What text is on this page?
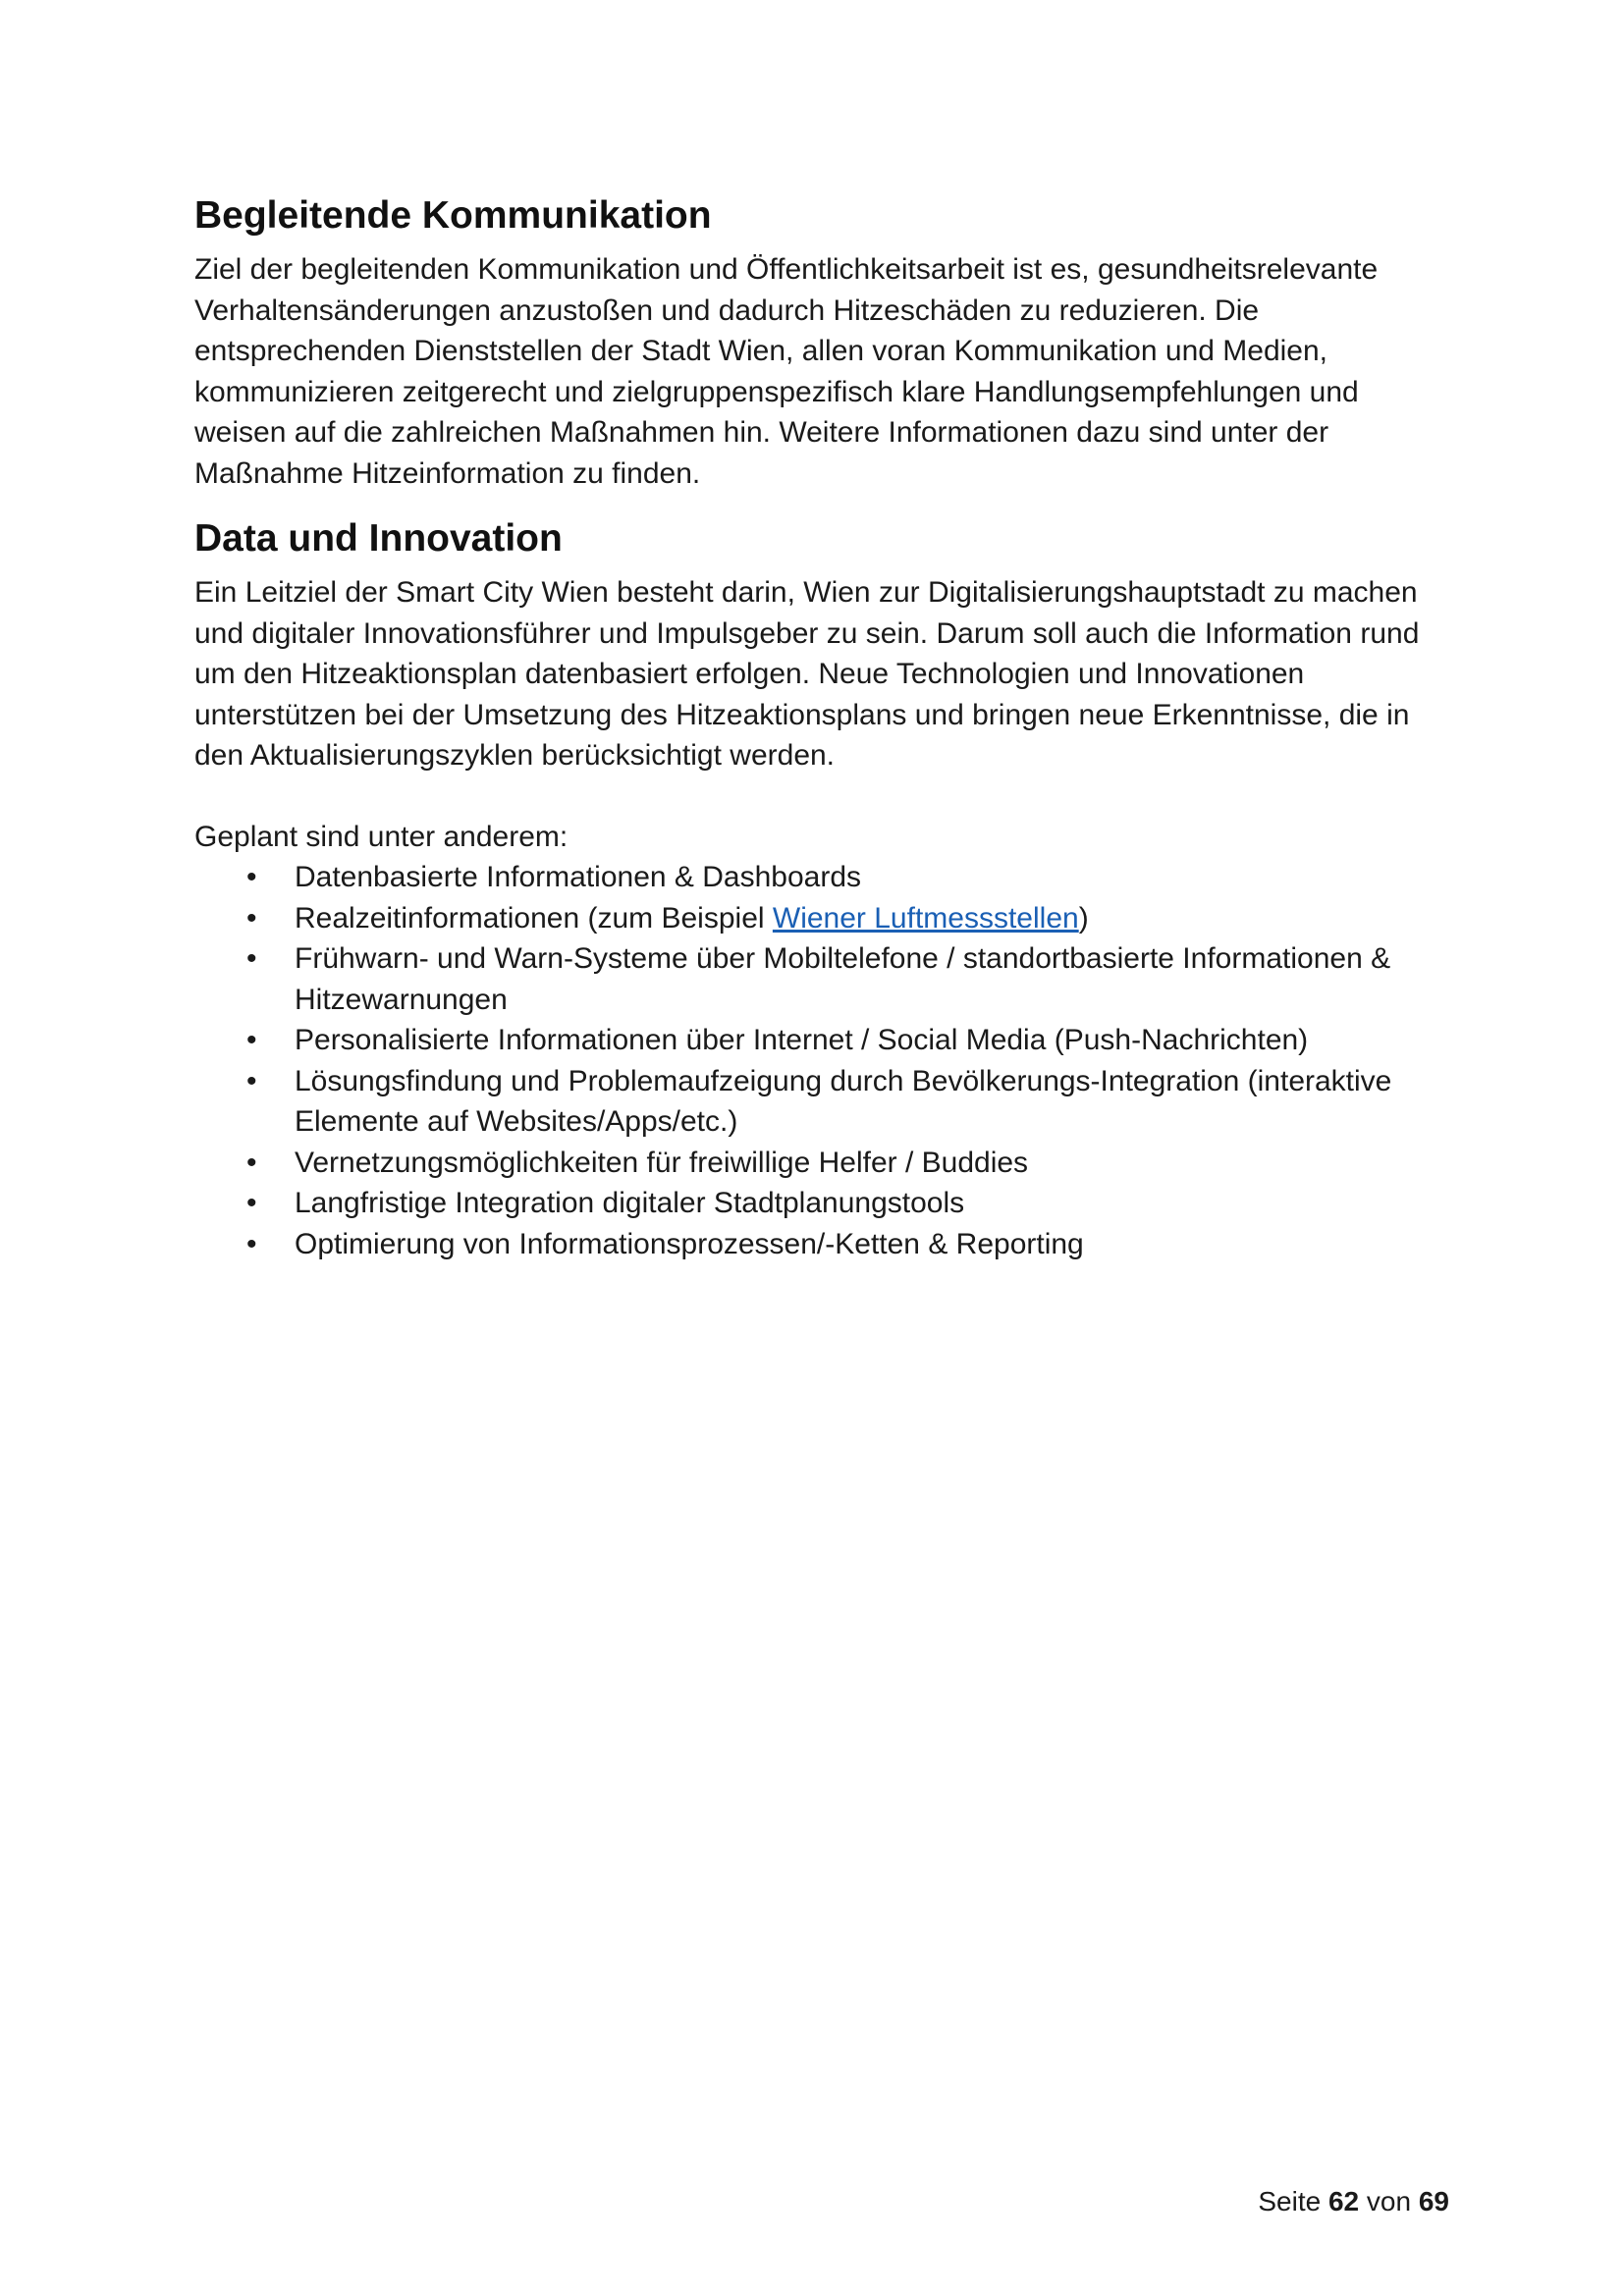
Begleitende Kommunikation

Ziel der begleitenden Kommunikation und Öffentlichkeitsarbeit ist es, gesundheitsrelevante Verhaltensänderungen anzustoßen und dadurch Hitzeschäden zu reduzieren. Die entsprechenden Dienststellen der Stadt Wien, allen voran Kommunikation und Medien, kommunizieren zeitgerecht und zielgruppenspezifisch klare Handlungsempfehlungen und weisen auf die zahlreichen Maßnahmen hin. Weitere Informationen dazu sind unter der Maßnahme Hitzeinformation zu finden.

Data und Innovation

Ein Leitziel der Smart City Wien besteht darin, Wien zur Digitalisierungshauptstadt zu machen und digitaler Innovationsführer und Impulsgeber zu sein. Darum soll auch die Information rund um den Hitzeaktionsplan datenbasiert erfolgen. Neue Technologien und Innovationen unterstützen bei der Umsetzung des Hitzeaktionsplans und bringen neue Erkenntnisse, die in den Aktualisierungszyklen berücksichtigt werden.

Geplant sind unter anderem:

• Datenbasierte Informationen & Dashboards
• Realzeitinformationen (zum Beispiel Wiener Luftmessstellen)
• Frühwarn- und Warn-Systeme über Mobiltelefone / standortbasierte Informationen & Hitzewarnungen
• Personalisierte Informationen über Internet / Social Media (Push-Nachrichten)
• Lösungsfindung und Problemaufzeigung durch Bevölkerungs-Integration (interaktive Elemente auf Websites/Apps/etc.)
• Vernetzungsmöglichkeiten für freiwillige Helfer / Buddies
• Langfristige Integration digitaler Stadtplanungstools
• Optimierung von Informationsprozessen/-Ketten & Reporting
Seite 62 von 69
